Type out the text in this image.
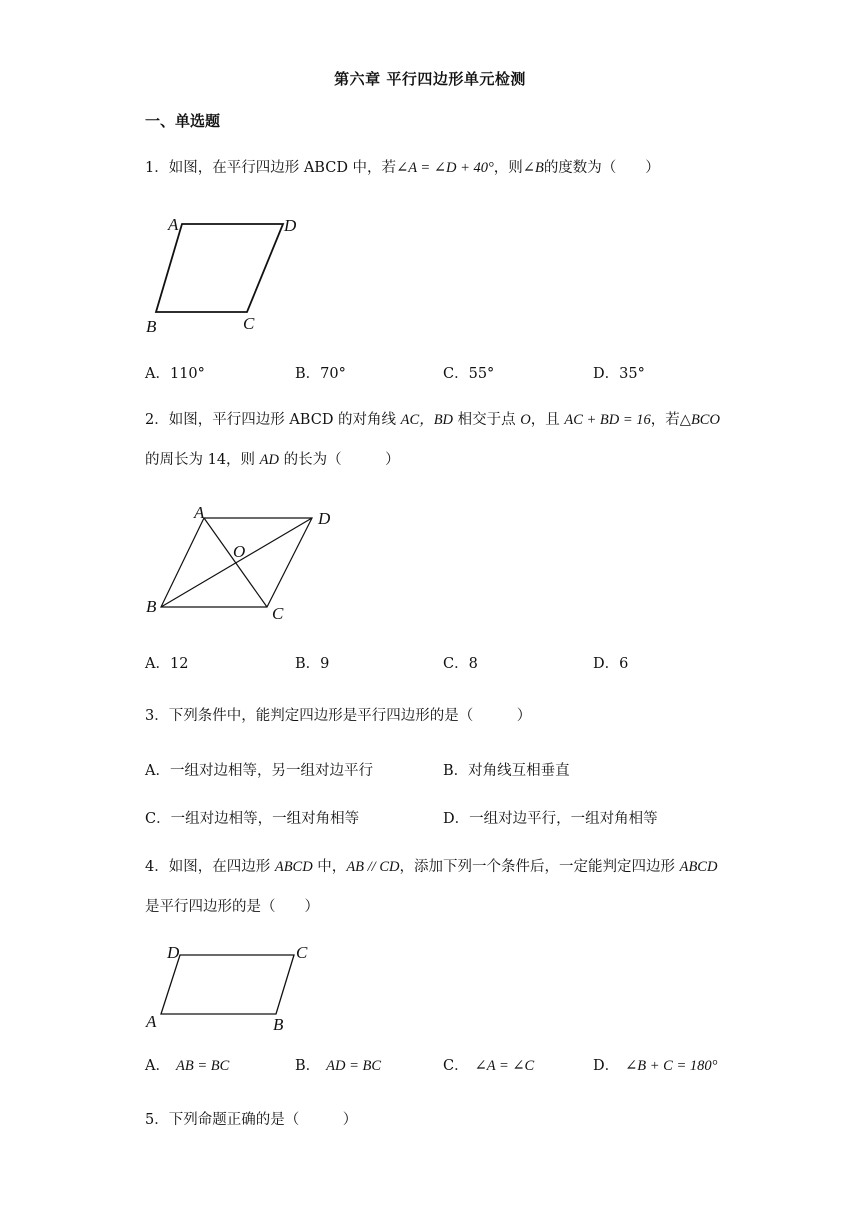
第六章 平行四边形单元检测
一、单选题
1．如图，在平行四边形 ABCD 中，若∠A = ∠D + 40°，则∠B的度数为（　　）
A	D
B	C
A．110°	B．70°	C．55°	D．35°
2．如图，平行四边形 ABCD 的对角线 AC，BD 相交于点 O，且 AC + BD = 16，若△BCO
的周长为 14，则 AD 的长为（　　　）
A	D
O
B	C
A．12	B．9	C．8	D．6
3．下列条件中，能判定四边形是平行四边形的是（　　　）
A．一组对边相等，另一组对边平行	B．对角线互相垂直
C．一组对边相等，一组对角相等	D．一组对边平行，一组对角相等
4．如图，在四边形 ABCD 中，AB // CD，添加下列一个条件后，一定能判定四边形 ABCD
是平行四边形的是（　　）
D	C
A	B
A． AB = BC	B． AD = BC	C． ∠A = ∠C	D． ∠B + C = 180°
5．下列命题正确的是（　　　）
